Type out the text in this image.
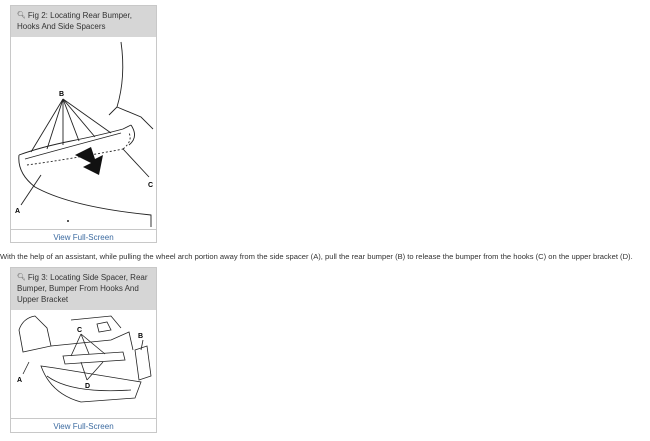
🔍︎ Fig 2: Locating Rear Bumper, Hooks And Side Spacers
B
C
A
View Full-Screen
With the help of an assistant, while pulling the wheel arch portion away from the side spacer (A), pull the rear bumper (B) to release the bumper from the hooks (C) on the upper bracket (D).
🔍︎ Fig 3: Locating Side Spacer, Rear Bumper, Bumper From Hooks And Upper Bracket
C
B
A
D
View Full-Screen
